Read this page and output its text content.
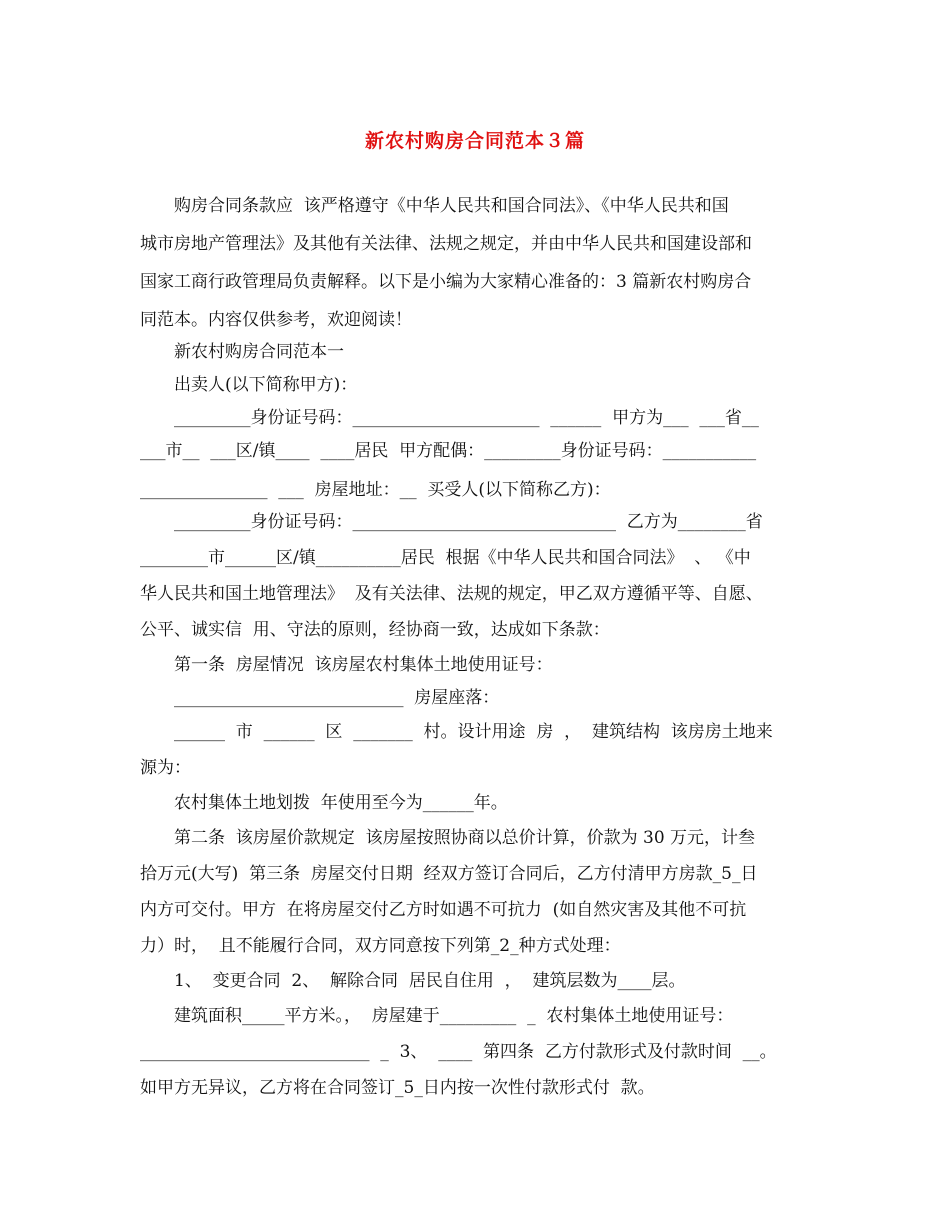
新农村购房合同范本３篇
购房合同条款应  该严格遵守《中华人民共和国合同法》、《中华人民共和国
城市房地产管理法》及其他有关法律、法规之规定，并由中华人民共和国建设部和
国家工商行政管理局负责解释。以下是小编为大家精心准备的：3 篇新农村购房合
同范本。内容仅供参考，欢迎阅读！
新农村购房合同范本一
出卖人(以下简称甲方)：
_________身份证号码：______________________  ______  甲方为___  ___省__
___市__  ___区/镇____  ____居民  甲方配偶：_________身份证号码：___________
_______________  ___  房屋地址：__  买受人(以下简称乙方)：
_________身份证号码：_______________________________  乙方为________省
________市______区/镇__________居民  根据《中华人民共和国合同法》  、 《中
华人民共和国土地管理法》  及有关法律、法规的规定，甲乙双方遵循平等、自愿、
公平、诚实信  用、守法的原则，经协商一致，达成如下条款：
第一条  房屋情况  该房屋农村集体土地使用证号：
___________________________  房屋座落：
______  市  ______  区  _______  村。设计用途  房  ，  建筑结构  该房房土地来
源为：
农村集体土地划拨  年使用至今为______年。
第二条  该房屋价款规定  该房屋按照协商以总价计算，价款为 30 万元，计叁
拾万元(大写)  第三条  房屋交付日期  经双方签订合同后，乙方付清甲方房款_5_日
内方可交付。甲方  在将房屋交付乙方时如遇不可抗力  (如自然灾害及其他不可抗
力）时，  且不能履行合同，双方同意按下列第_2_种方式处理：
1、  变更合同  2、  解除合同  居民自住用  ，  建筑层数为____层。
建筑面积_____平方米。，  房屋建于_________  _  农村集体土地使用证号：
___________________________  _  3、  ____  第四条  乙方付款形式及付款时间  __。
如甲方无异议，乙方将在合同签订_5_日内按一次性付款形式付  款。
